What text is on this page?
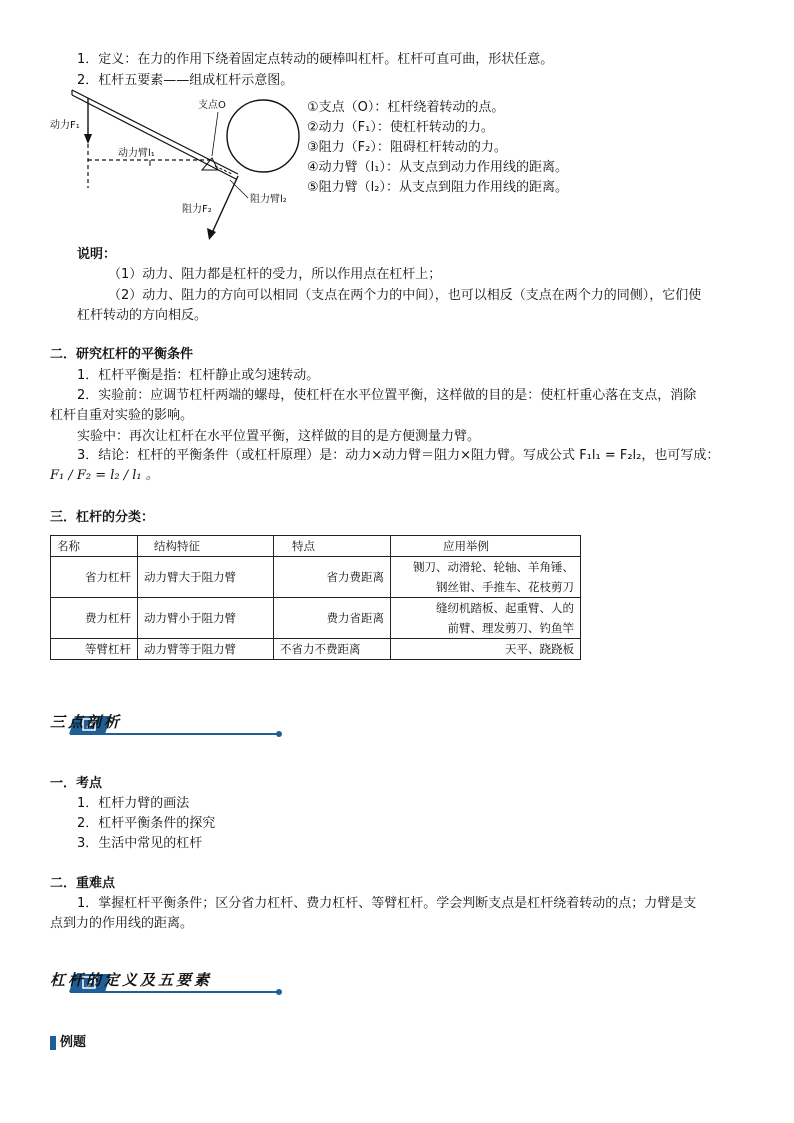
1．定义：在力的作用下绕着固定点转动的硬棒叫杠杆。杠杆可直可曲，形状任意。
2．杠杆五要素——组成杠杆示意图。
支点O
动力F₁
动力臂l₁
阻力臂l₂
阻力F₂
①支点（O）：杠杆绕着转动的点。
②动力（F₁）：使杠杆转动的力。
③阻力（F₂）：阻碍杠杆转动的力。
④动力臂（l₁）：从支点到动力作用线的距离。
⑤阻力臂（l₂）：从支点到阻力作用线的距离。
说明：
（1）动力、阻力都是杠杆的受力，所以作用点在杠杆上；
（2）动力、阻力的方向可以相同（支点在两个力的中间），也可以相反（支点在两个力的同侧），它们使
杠杆转动的方向相反。
二．研究杠杆的平衡条件
1．杠杆平衡是指：杠杆静止或匀速转动。
2．实验前：应调节杠杆两端的螺母，使杠杆在水平位置平衡，这样做的目的是：使杠杆重心落在支点，消除
杠杆自重对实验的影响。
实验中：再次让杠杆在水平位置平衡，这样做的目的是方便测量力臂。
3．结论：杠杆的平衡条件（或杠杆原理）是：动力×动力臂＝阻力×阻力臂。写成公式 F₁l₁ = F₂l₂，也可写成：
F₁ / F₂ = l₂ / l₁ 。
三．杠杆的分类：
名称	结构特征	特点	应用举例
省力杠杆	动力臂大于阻力臂	省力费距离	铡刀、动滑轮、轮轴、羊角锤、
			钢丝钳、手推车、花枝剪刀
费力杠杆	动力臂小于阻力臂	费力省距离	缝纫机踏板、起重臂、人的
			前臂、理发剪刀、钓鱼竿
等臂杠杆	动力臂等于阻力臂	不省力不费距离	天平、跷跷板
三点剖析
一．考点
1．杠杆力臂的画法
2．杠杆平衡条件的探究
3．生活中常见的杠杆
二．重难点
1．掌握杠杆平衡条件；区分省力杠杆、费力杠杆、等臂杠杆。学会判断支点是杠杆绕着转动的点；力臂是支
点到力的作用线的距离。
杠杆的定义及五要素
例题
